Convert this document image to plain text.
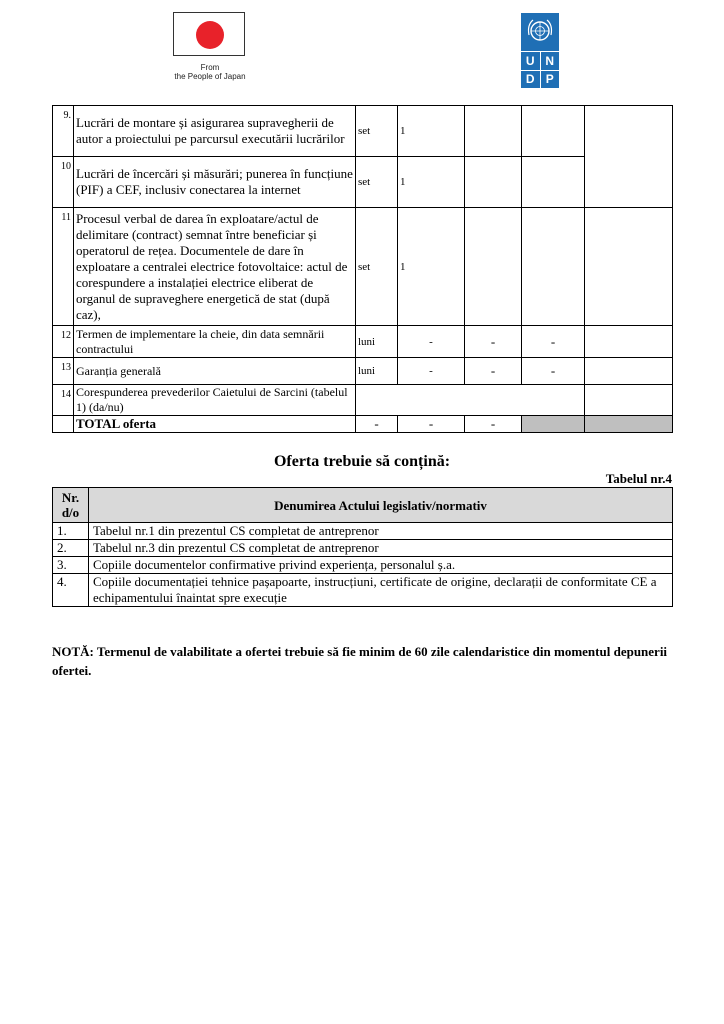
From
the People of Japan
U N
D P
9.	Lucrări de montare și asigurarea supravegherii de autor a proiectului pe parcursul executării lucrărilor	set	1			
10	Lucrări de încercări și măsurări; punerea în funcțiune (PIF) a CEF, inclusiv conectarea la internet	set	1			
11	Procesul verbal de darea în exploatare/actul de delimitare (contract) semnat între beneficiar și operatorul de rețea. Documentele de dare în exploatare a centralei electrice fotovoltaice: actul de corespundere a instalației electrice eliberat de organul de supraveghere energetică de stat (după caz),	set	1			
12	Termen de implementare la cheie, din data semnării contractului	luni	-	-	-	
13	Garanția generală	luni	-	-	-	
14	Corespunderea prevederilor Caietului de Sarcini (tabelul 1) (da/nu)					
	TOTAL oferta	-	-	-		
Oferta trebuie să conțină:
Tabelul nr.4
Nr. d/o	Denumirea Actului legislativ/normativ
1.	Tabelul nr.1 din prezentul CS completat de antreprenor
2.	Tabelul nr.3 din prezentul CS completat de antreprenor
3.	Copiile documentelor confirmative privind experiența, personalul ș.a.
4.	Copiile documentației tehnice pașapoarte, instrucțiuni, certificate de origine, declarații de conformitate CE a echipamentului înaintat spre execuție
NOTĂ: Termenul de valabilitate a ofertei trebuie să fie minim de 60 zile calendaristice din momentul depunerii ofertei.
